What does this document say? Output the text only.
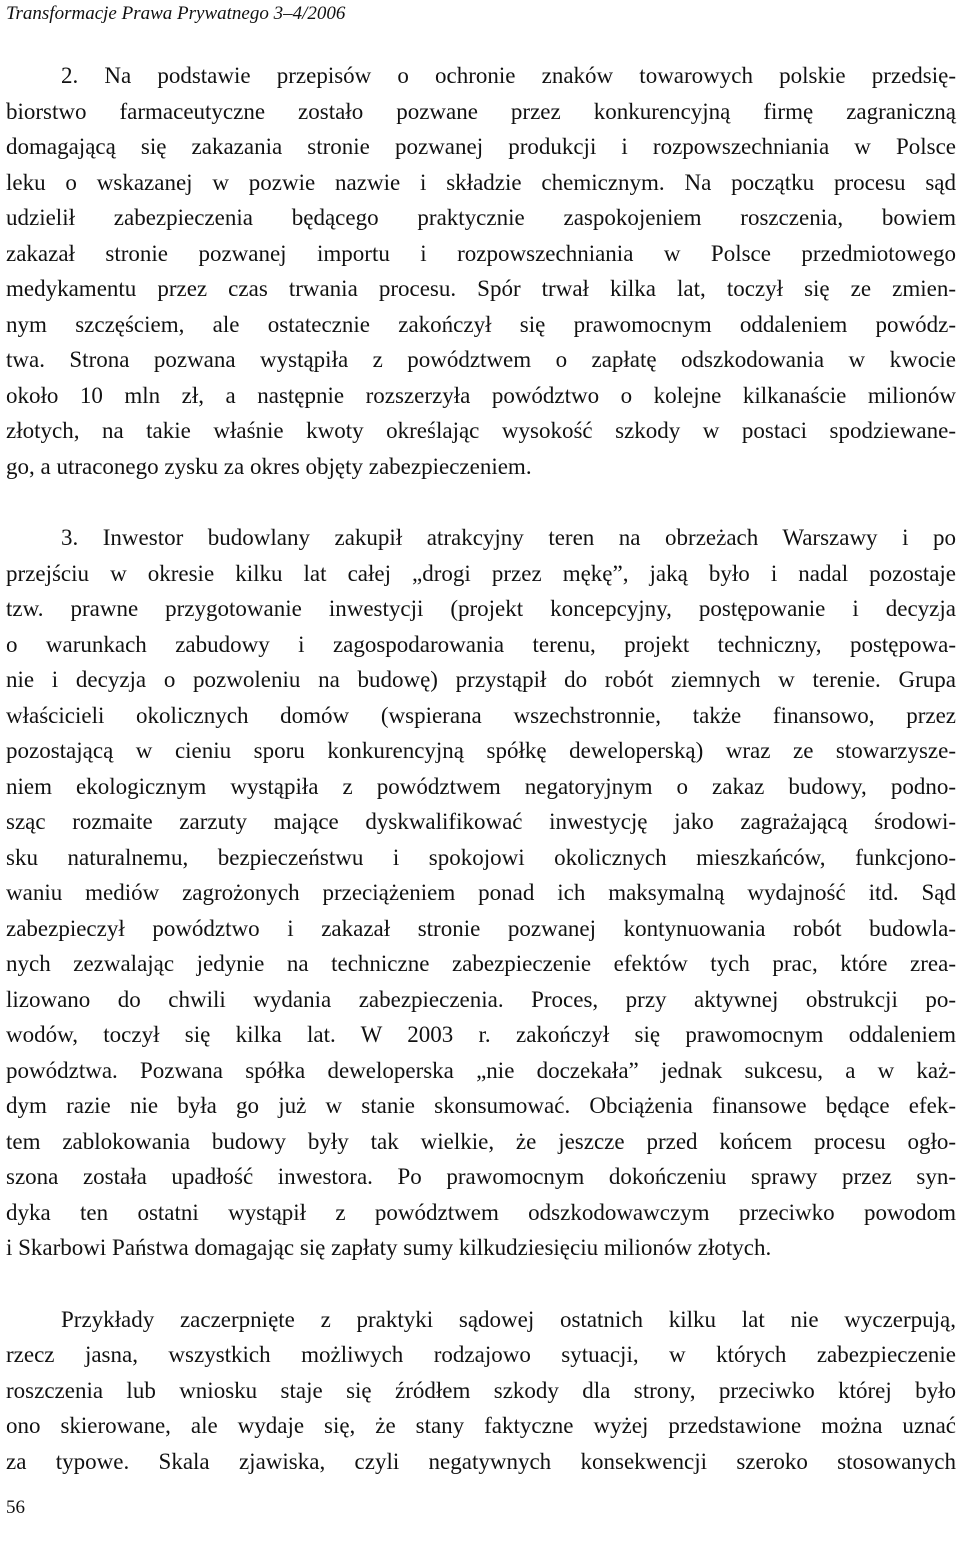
Transformacje Prawa Prywatnego 3–4/2006
2. Na podstawie przepisów o ochronie znaków towarowych polskie przedsię-
biorstwo farmaceutyczne zostało pozwane przez konkurencyjną firmę zagraniczną
domagającą się zakazania stronie pozwanej produkcji i rozpowszechniania w Polsce
leku o wskazanej w pozwie nazwie i składzie chemicznym. Na początku procesu sąd
udzielił zabezpieczenia będącego praktycznie zaspokojeniem roszczenia, bowiem
zakazał stronie pozwanej importu i rozpowszechniania w Polsce przedmiotowego
medykamentu przez czas trwania procesu. Spór trwał kilka lat, toczył się ze zmien-
nym szczęściem, ale ostatecznie zakończył się prawomocnym oddaleniem powódz-
twa. Strona pozwana wystąpiła z powództwem o zapłatę odszkodowania w kwocie
około 10 mln zł, a następnie rozszerzyła powództwo o kolejne kilkanaście milionów
złotych, na takie właśnie kwoty określając wysokość szkody w postaci spodziewane-
go, a utraconego zysku za okres objęty zabezpieczeniem.
3. Inwestor budowlany zakupił atrakcyjny teren na obrzeżach Warszawy i po
przejściu w okresie kilku lat całej „drogi przez mękę”, jaką było i nadal pozostaje
tzw. prawne przygotowanie inwestycji (projekt koncepcyjny, postępowanie i decyzja
o warunkach zabudowy i zagospodarowania terenu, projekt techniczny, postępowa-
nie i decyzja o pozwoleniu na budowę) przystąpił do robót ziemnych w terenie. Grupa
właścicieli okolicznych domów (wspierana wszechstronnie, także finansowo, przez
pozostającą w cieniu sporu konkurencyjną spółkę deweloperską) wraz ze stowarzysze-
niem ekologicznym wystąpiła z powództwem negatoryjnym o zakaz budowy, podno-
sząc rozmaite zarzuty mające dyskwalifikować inwestycję jako zagrażającą środowi-
sku naturalnemu, bezpieczeństwu i spokojowi okolicznych mieszkańców, funkcjono-
waniu mediów zagrożonych przeciążeniem ponad ich maksymalną wydajność itd. Sąd
zabezpieczył powództwo i zakazał stronie pozwanej kontynuowania robót budowla-
nych zezwalając jedynie na techniczne zabezpieczenie efektów tych prac, które zrea-
lizowano do chwili wydania zabezpieczenia. Proces, przy aktywnej obstrukcji po-
wodów, toczył się kilka lat. W 2003 r. zakończył się prawomocnym oddaleniem
powództwa. Pozwana spółka deweloperska „nie doczekała” jednak sukcesu, a w każ-
dym razie nie była go już w stanie skonsumować. Obciążenia finansowe będące efek-
tem zablokowania budowy były tak wielkie, że jeszcze przed końcem procesu ogło-
szona została upadłość inwestora. Po prawomocnym dokończeniu sprawy przez syn-
dyka ten ostatni wystąpił z powództwem odszkodowawczym przeciwko powodom
i Skarbowi Państwa domagając się zapłaty sumy kilkudziesięciu milionów złotych.
Przykłady zaczerpnięte z praktyki sądowej ostatnich kilku lat nie wyczerpują,
rzecz jasna, wszystkich możliwych rodzajowo sytuacji, w których zabezpieczenie
roszczenia lub wniosku staje się źródłem szkody dla strony, przeciwko której było
ono skierowane, ale wydaje się, że stany faktyczne wyżej przedstawione można uznać
za typowe. Skala zjawiska, czyli negatywnych konsekwencji szeroko stosowanych
56
